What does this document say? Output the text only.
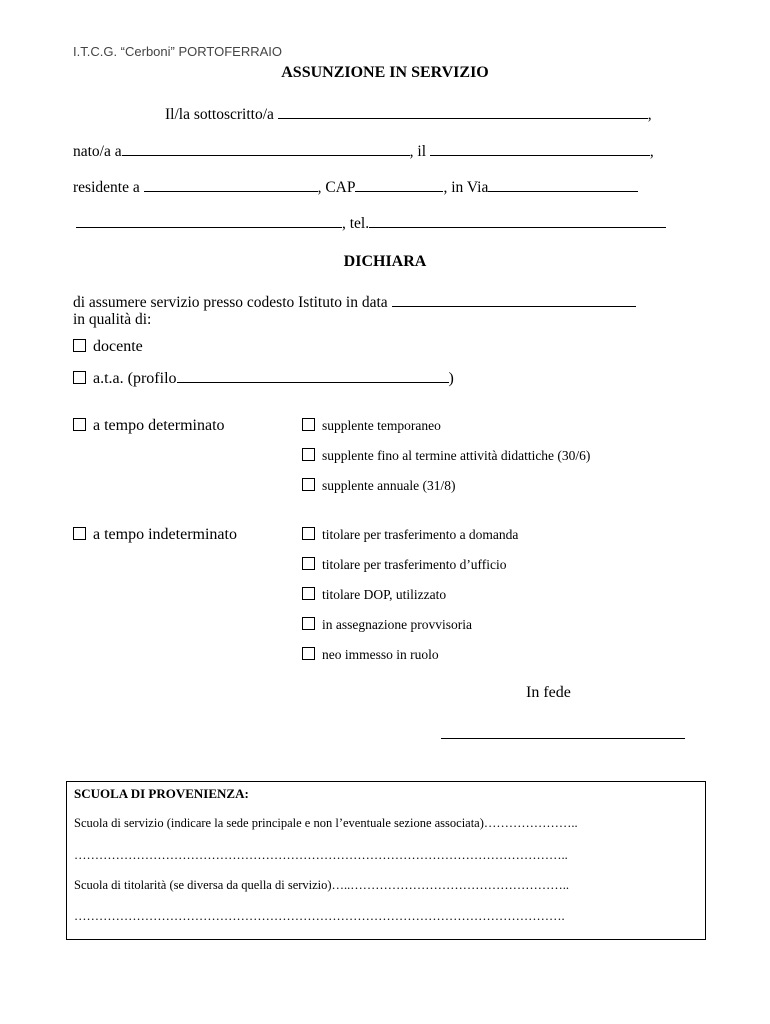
I.T.C.G. “Cerboni” PORTOFERRAIO
ASSUNZIONE IN SERVIZIO
Il/la sottoscritto/a	,
nato/a a	, il	,
residente a	, CAP	, in Via
, tel.
DICHIARA
di assumere servizio presso codesto Istituto in data
in qualità di:
docente
a.t.a. (profilo	)
a tempo determinato	supplente temporaneo
supplente fino al termine attività didattiche (30/6)
supplente annuale (31/8)
a tempo indeterminato	titolare per trasferimento a domanda
titolare per trasferimento d’ufficio
titolare DOP, utilizzato
in assegnazione provvisoria
neo immesso in ruolo
In fede
SCUOLA DI PROVENIENZA:
Scuola di servizio (indicare la sede principale e non l’eventuale sezione associata)…………………..
………………………………………………………………………………………………………..
Scuola di titolarità (se diversa da quella di servizio)…..……………………………………………..
……………………………………………………………………………………………………….
